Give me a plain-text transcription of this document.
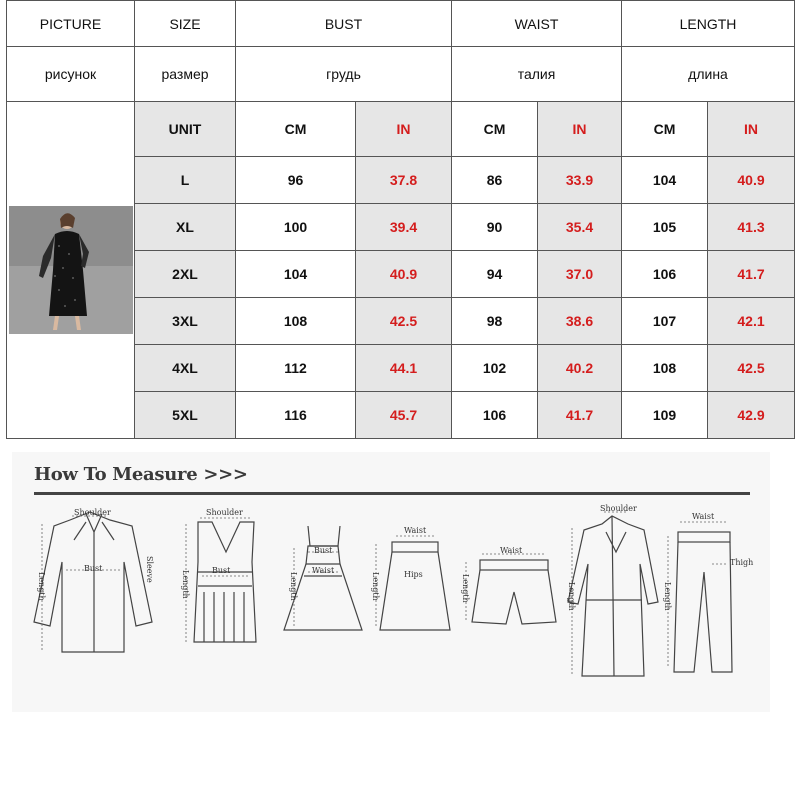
PICTURE	SIZE	BUST		WAIST		LENGTH	
рисунок	размер	грудь		талия		длина	

	UNIT	CM	IN	CM	IN	CM	IN
	L	96	37.8	86	33.9	104	40.9
	XL	100	39.4	90	35.4	105	41.3
	2XL	104	40.9	94	37.0	106	41.7
	3XL	108	42.5	98	38.6	107	42.1
	4XL	112	44.1	102	40.2	108	42.5
	5XL	116	45.7	106	41.7	109	42.9
How To Measure >>>
Shoulder
Bust	Sleeve
Length
Shoulder
Bust
Length
Bust
Waist
Length
Waist
Hips
Length
Waist
Length
Shoulder
Length
Waist
Thigh
Length
